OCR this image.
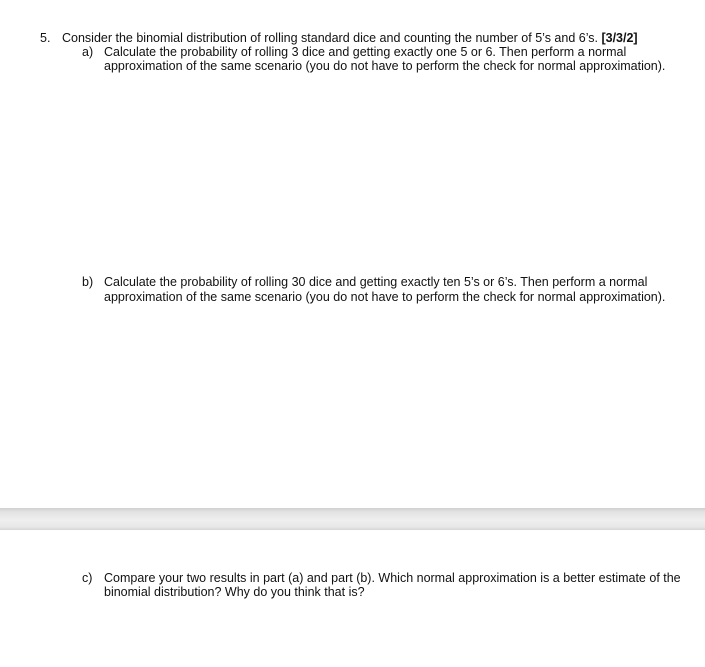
5. Consider the binomial distribution of rolling standard dice and counting the number of 5’s and 6’s. [3/3/2]
a) Calculate the probability of rolling 3 dice and getting exactly one 5 or 6. Then perform a normal
approximation of the same scenario (you do not have to perform the check for normal approximation).
b) Calculate the probability of rolling 30 dice and getting exactly ten 5’s or 6’s. Then perform a normal
approximation of the same scenario (you do not have to perform the check for normal approximation).
c) Compare your two results in part (a) and part (b). Which normal approximation is a better estimate of the
binomial distribution? Why do you think that is?
